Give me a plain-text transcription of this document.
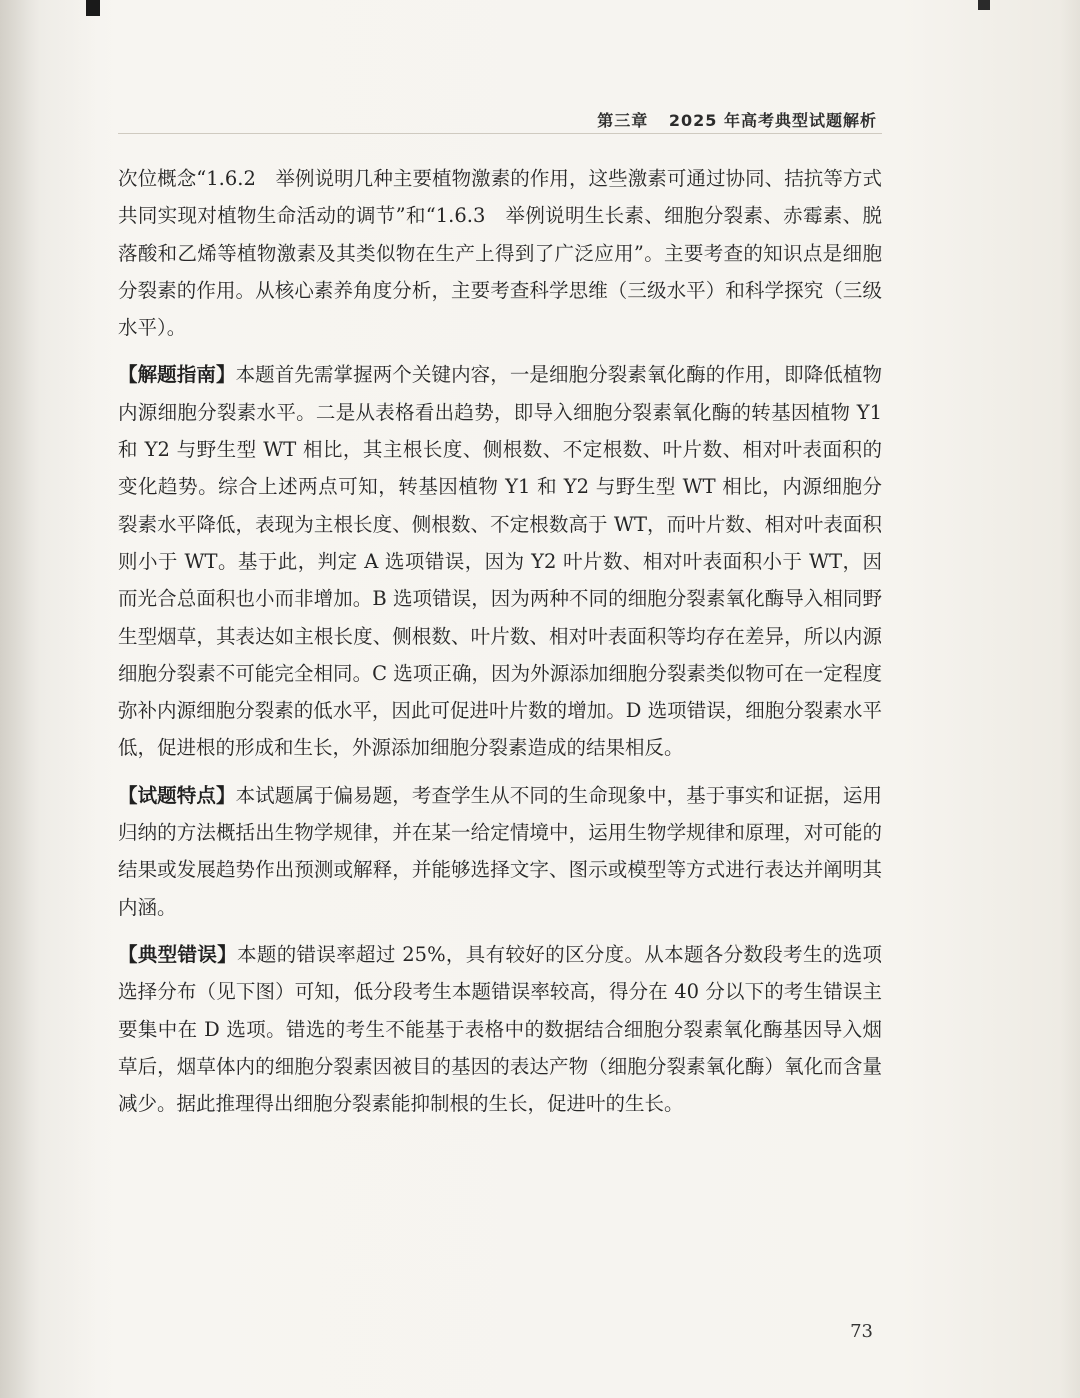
第三章 2025 年高考典型试题解析

次位概念“1.6.2　举例说明几种主要植物激素的作用，这些激素可通过协同、拮抗等方式共同实现对植物生命活动的调节”和“1.6.3　举例说明生长素、细胞分裂素、赤霉素、脱落酸和乙烯等植物激素及其类似物在生产上得到了广泛应用”。主要考查的知识点是细胞分裂素的作用。从核心素养角度分析，主要考查科学思维（三级水平）和科学探究（三级水平）。

【解题指南】本题首先需掌握两个关键内容，一是细胞分裂素氧化酶的作用，即降低植物内源细胞分裂素水平。二是从表格看出趋势，即导入细胞分裂素氧化酶的转基因植物 Y1 和 Y2 与野生型 WT 相比，其主根长度、侧根数、不定根数、叶片数、相对叶表面积的变化趋势。综合上述两点可知，转基因植物 Y1 和 Y2 与野生型 WT 相比，内源细胞分裂素水平降低，表现为主根长度、侧根数、不定根数高于 WT，而叶片数、相对叶表面积则小于 WT。基于此，判定 A 选项错误，因为 Y2 叶片数、相对叶表面积小于 WT，因而光合总面积也小而非增加。B 选项错误，因为两种不同的细胞分裂素氧化酶导入相同野生型烟草，其表达如主根长度、侧根数、叶片数、相对叶表面积等均存在差异，所以内源细胞分裂素不可能完全相同。C 选项正确，因为外源添加细胞分裂素类似物可在一定程度弥补内源细胞分裂素的低水平，因此可促进叶片数的增加。D 选项错误，细胞分裂素水平低，促进根的形成和生长，外源添加细胞分裂素造成的结果相反。

【试题特点】本试题属于偏易题，考查学生从不同的生命现象中，基于事实和证据，运用归纳的方法概括出生物学规律，并在某一给定情境中，运用生物学规律和原理，对可能的结果或发展趋势作出预测或解释，并能够选择文字、图示或模型等方式进行表达并阐明其内涵。

【典型错误】本题的错误率超过 25%，具有较好的区分度。从本题各分数段考生的选项选择分布（见下图）可知，低分段考生本题错误率较高，得分在 40 分以下的考生错误主要集中在 D 选项。错选的考生不能基于表格中的数据结合细胞分裂素氧化酶基因导入烟草后，烟草体内的细胞分裂素因被目的基因的表达产物（细胞分裂素氧化酶）氧化而含量减少。据此推理得出细胞分裂素能抑制根的生长，促进叶的生长。

73
